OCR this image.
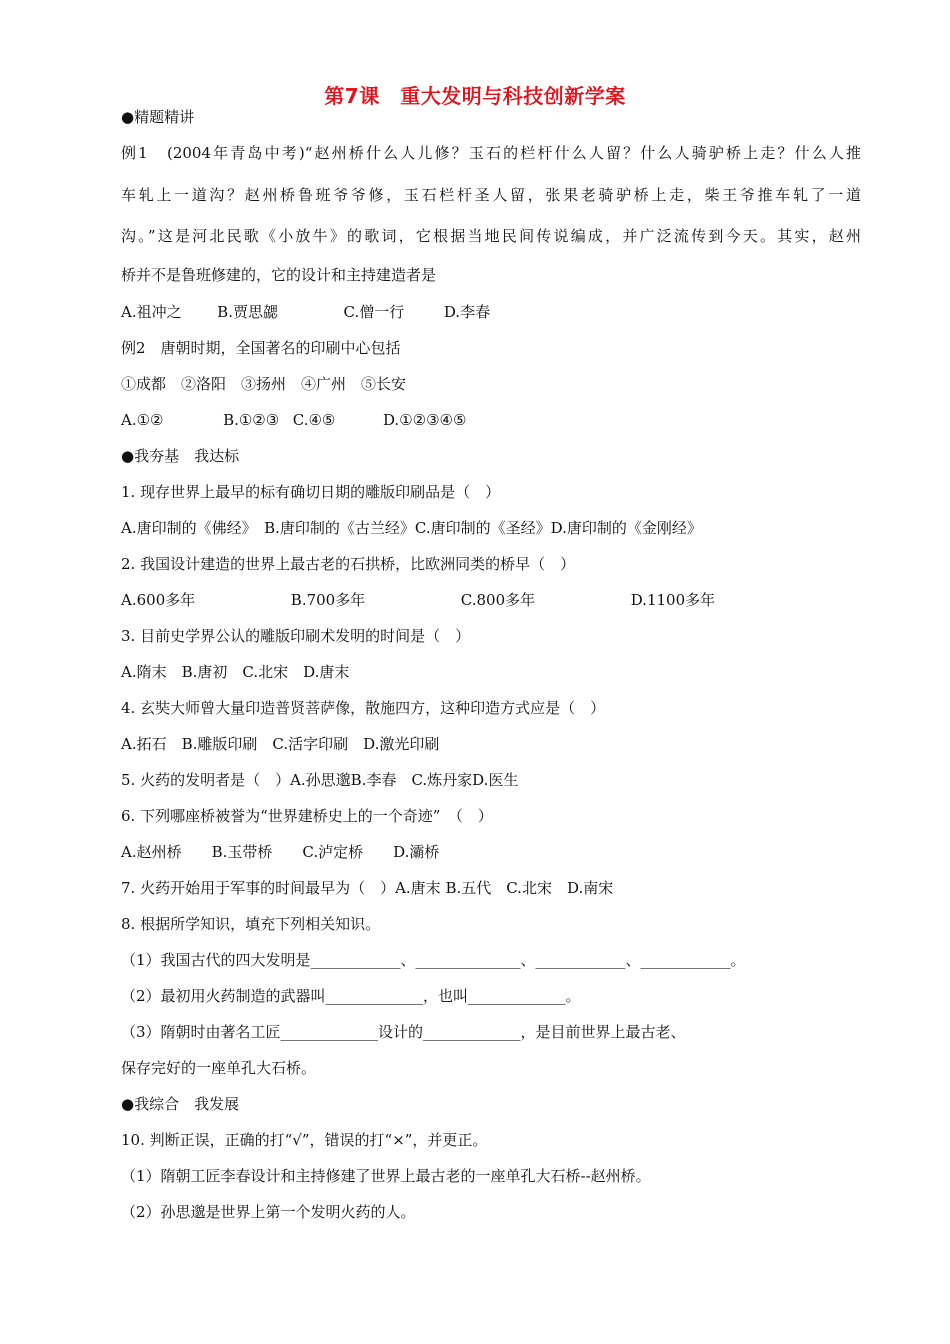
第7课　重大发明与科技创新学案
●精题精讲
例1　(2004年青岛中考)“赵州桥什么人儿修？玉石的栏杆什么人留？什么人骑驴桥上走？什么人推
车轧上一道沟？赵州桥鲁班爷爷修，玉石栏杆圣人留，张果老骑驴桥上走，柴王爷推车轧了一道
沟。”这是河北民歌《小放牛》的歌词，它根据当地民间传说编成，并广泛流传到今天。其实，赵州
桥并不是鲁班修建的，它的设计和主持建造者是
A.祖冲之 B.贾思勰	C.僧一行	D.李春
例2　唐朝时期，全国著名的印刷中心包括
①成都　②洛阳　③扬州　④广州　⑤长安
A.①②	B.①②③ C.④⑤	D.①②③④⑤
●我夯基　我达标
1. 现存世界上最早的标有确切日期的雕版印刷品是（　）
A.唐印制的《佛经》　B.唐印制的《古兰经》C.唐印制的《圣经》D.唐印制的《金刚经》
2. 我国设计建造的世界上最古老的石拱桥，比欧洲同类的桥早（　）
A.600多年	B.700多年	C.800多年	D.1100多年
3. 目前史学界公认的雕版印刷术发明的时间是（　）
A.隋末　B.唐初　C.北宋　D.唐末
4. 玄奘大师曾大量印造普贤菩萨像，散施四方，这种印造方式应是（　）
A.拓石　B.雕版印刷　C.活字印刷　D.激光印刷
5. 火药的发明者是（　）A.孙思邈B.李春　C.炼丹家D.医生
6. 下列哪座桥被誉为“世界建桥史上的一个奇迹”　（　）
A.赵州桥　　B.玉带桥　　C.泸定桥　　D.灞桥
7. 火药开始用于军事的时间最早为（　）A.唐末 B.五代　C.北宋　D.南宋
8. 根据所学知识，填充下列相关知识。
（1）我国古代的四大发明是____________、______________、____________、____________。
（2）最初用火药制造的武器叫_____________，也叫_____________。
（3）隋朝时由著名工匠_____________设计的_____________，是目前世界上最古老、
保存完好的一座单孔大石桥。
●我综合　我发展
10. 判断正误，正确的打“√”，错误的打“×”，并更正。
（1）隋朝工匠李春设计和主持修建了世界上最古老的一座单孔大石桥--赵州桥。
（2）孙思邈是世界上第一个发明火药的人。
